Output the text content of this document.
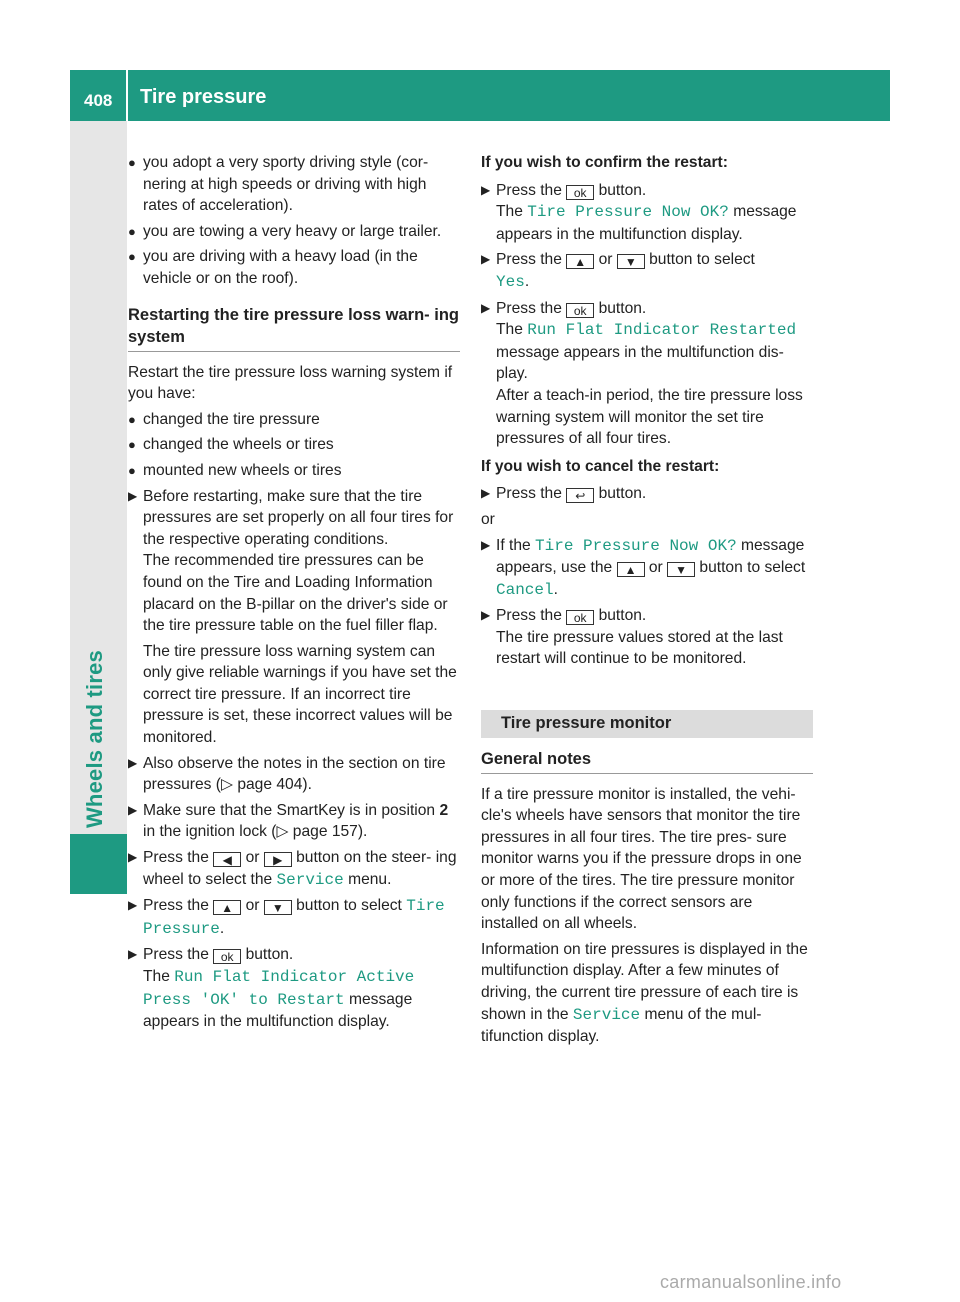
408 Tire pressure
Wheels and tires

● you adopt a very sporty driving style (cor- nering at high speeds or driving with high rates of acceleration).

● you are towing a very heavy or large trailer.

● you are driving with a heavy load (in the vehicle or on the roof).

Restarting the tire pressure loss warn- ing system

Restart the tire pressure loss warning system if you have:

● changed the tire pressure

● changed the wheels or tires

● mounted new wheels or tires

▶ Before restarting, make sure that the tire pressures are set properly on all four tires for the respective operating conditions.

The recommended tire pressures can be found on the Tire and Loading Information placard on the B-pillar on the driver's side or the tire pressure table on the fuel filler flap.

The tire pressure loss warning system can only give reliable warnings if you have set the correct tire pressure. If an incorrect tire pressure is set, these incorrect values will be monitored.

▶ Also observe the notes in the section on tire pressures (▷ page 404).

▶ Make sure that the SmartKey is in position 2 in the ignition lock (▷ page 157).

▶ Press the ◀ or ▶ button on the steer- ing wheel to select the Service menu.

▶ Press the ▲ or ▼ button to select Tire Pressure.

▶ Press the ok button.
The Run Flat Indicator Active Press 'OK' to Restart message appears in the multifunction display.

If you wish to confirm the restart:

▶ Press the ok button.
The Tire Pressure Now OK? message appears in the multifunction display.

▶ Press the ▲ or ▼ button to select
Yes.

▶ Press the ok button.
The Run Flat Indicator Restarted message appears in the multifunction dis- play.

After a teach-in period, the tire pressure loss warning system will monitor the set tire pressures of all four tires.

If you wish to cancel the restart:

▶ Press the ↩ button.

or

▶ If the Tire Pressure Now OK? message appears, use the ▲ or ▼ button to select Cancel.

▶ Press the ok button.
The tire pressure values stored at the last restart will continue to be monitored.

Tire pressure monitor
General notes

If a tire pressure monitor is installed, the vehi- cle's wheels have sensors that monitor the tire pressures in all four tires. The tire pres- sure monitor warns you if the pressure drops in one or more of the tires. The tire pressure monitor only functions if the correct sensors are installed on all wheels.

Information on tire pressures is displayed in the multifunction display. After a few minutes of driving, the current tire pressure of each tire is shown in the Service menu of the mul- tifunction display.

carmanualsonline.info
